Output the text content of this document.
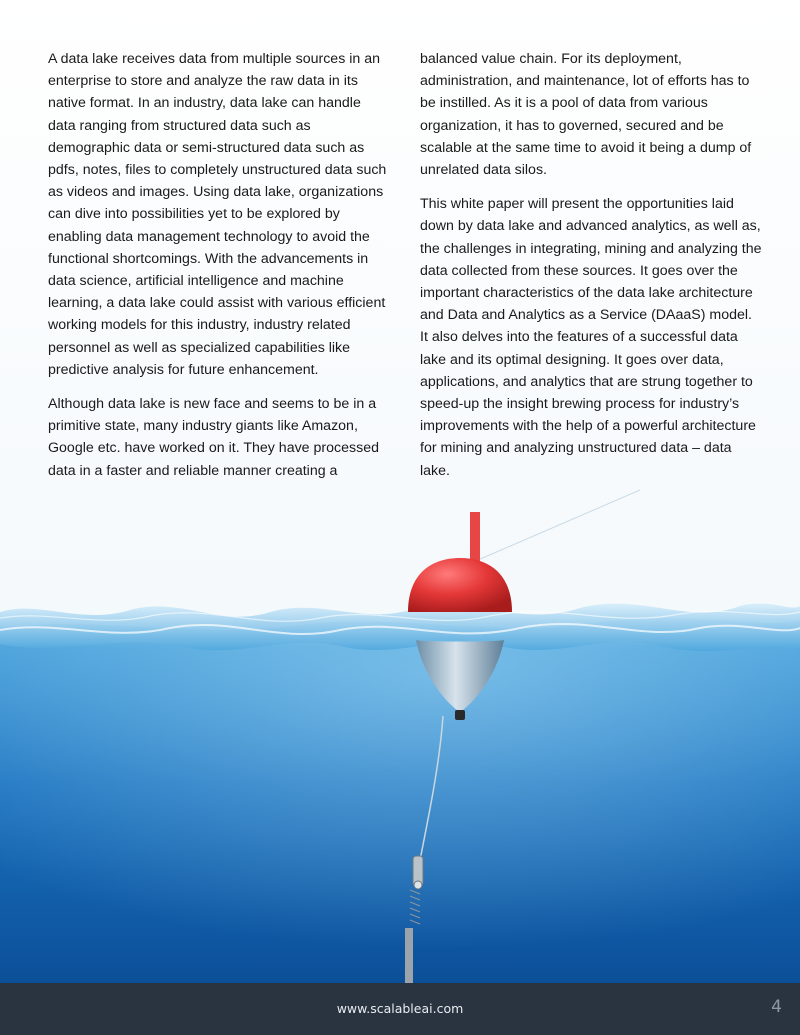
A data lake receives data from multiple sources in an enterprise to store and analyze the raw data in its native format. In an industry, data lake can handle data ranging from structured data such as demographic data or semi-structured data such as pdfs, notes, files to completely unstructured data such as videos and images. Using data lake, organizations can dive into possibilities yet to be explored by enabling data management technology to avoid the functional shortcomings. With the advancements in data science, artificial intelligence and machine learning, a data lake could assist with various efficient working models for this industry, industry related personnel as well as specialized capabilities like predictive analysis for future enhancement.

Although data lake is new face and seems to be in a primitive state, many industry giants like Amazon, Google etc. have worked on it. They have processed data in a faster and reliable manner creating a

balanced value chain. For its deployment, administration, and maintenance, lot of efforts has to be instilled. As it is a pool of data from various organization, it has to governed, secured and be scalable at the same time to avoid it being a dump of unrelated data silos.

This white paper will present the opportunities laid down by data lake and advanced analytics, as well as, the challenges in integrating, mining and analyzing the data collected from these sources. It goes over the important characteristics of the data lake architecture and Data and Analytics as a Service (DAaaS) model. It also delves into the features of a successful data lake and its optimal designing. It goes over data, applications, and analytics that are strung together to speed-up the insight brewing process for industry’s improvements with the help of a powerful architecture for mining and analyzing unstructured data – data lake.

www.scalableai.com	4
